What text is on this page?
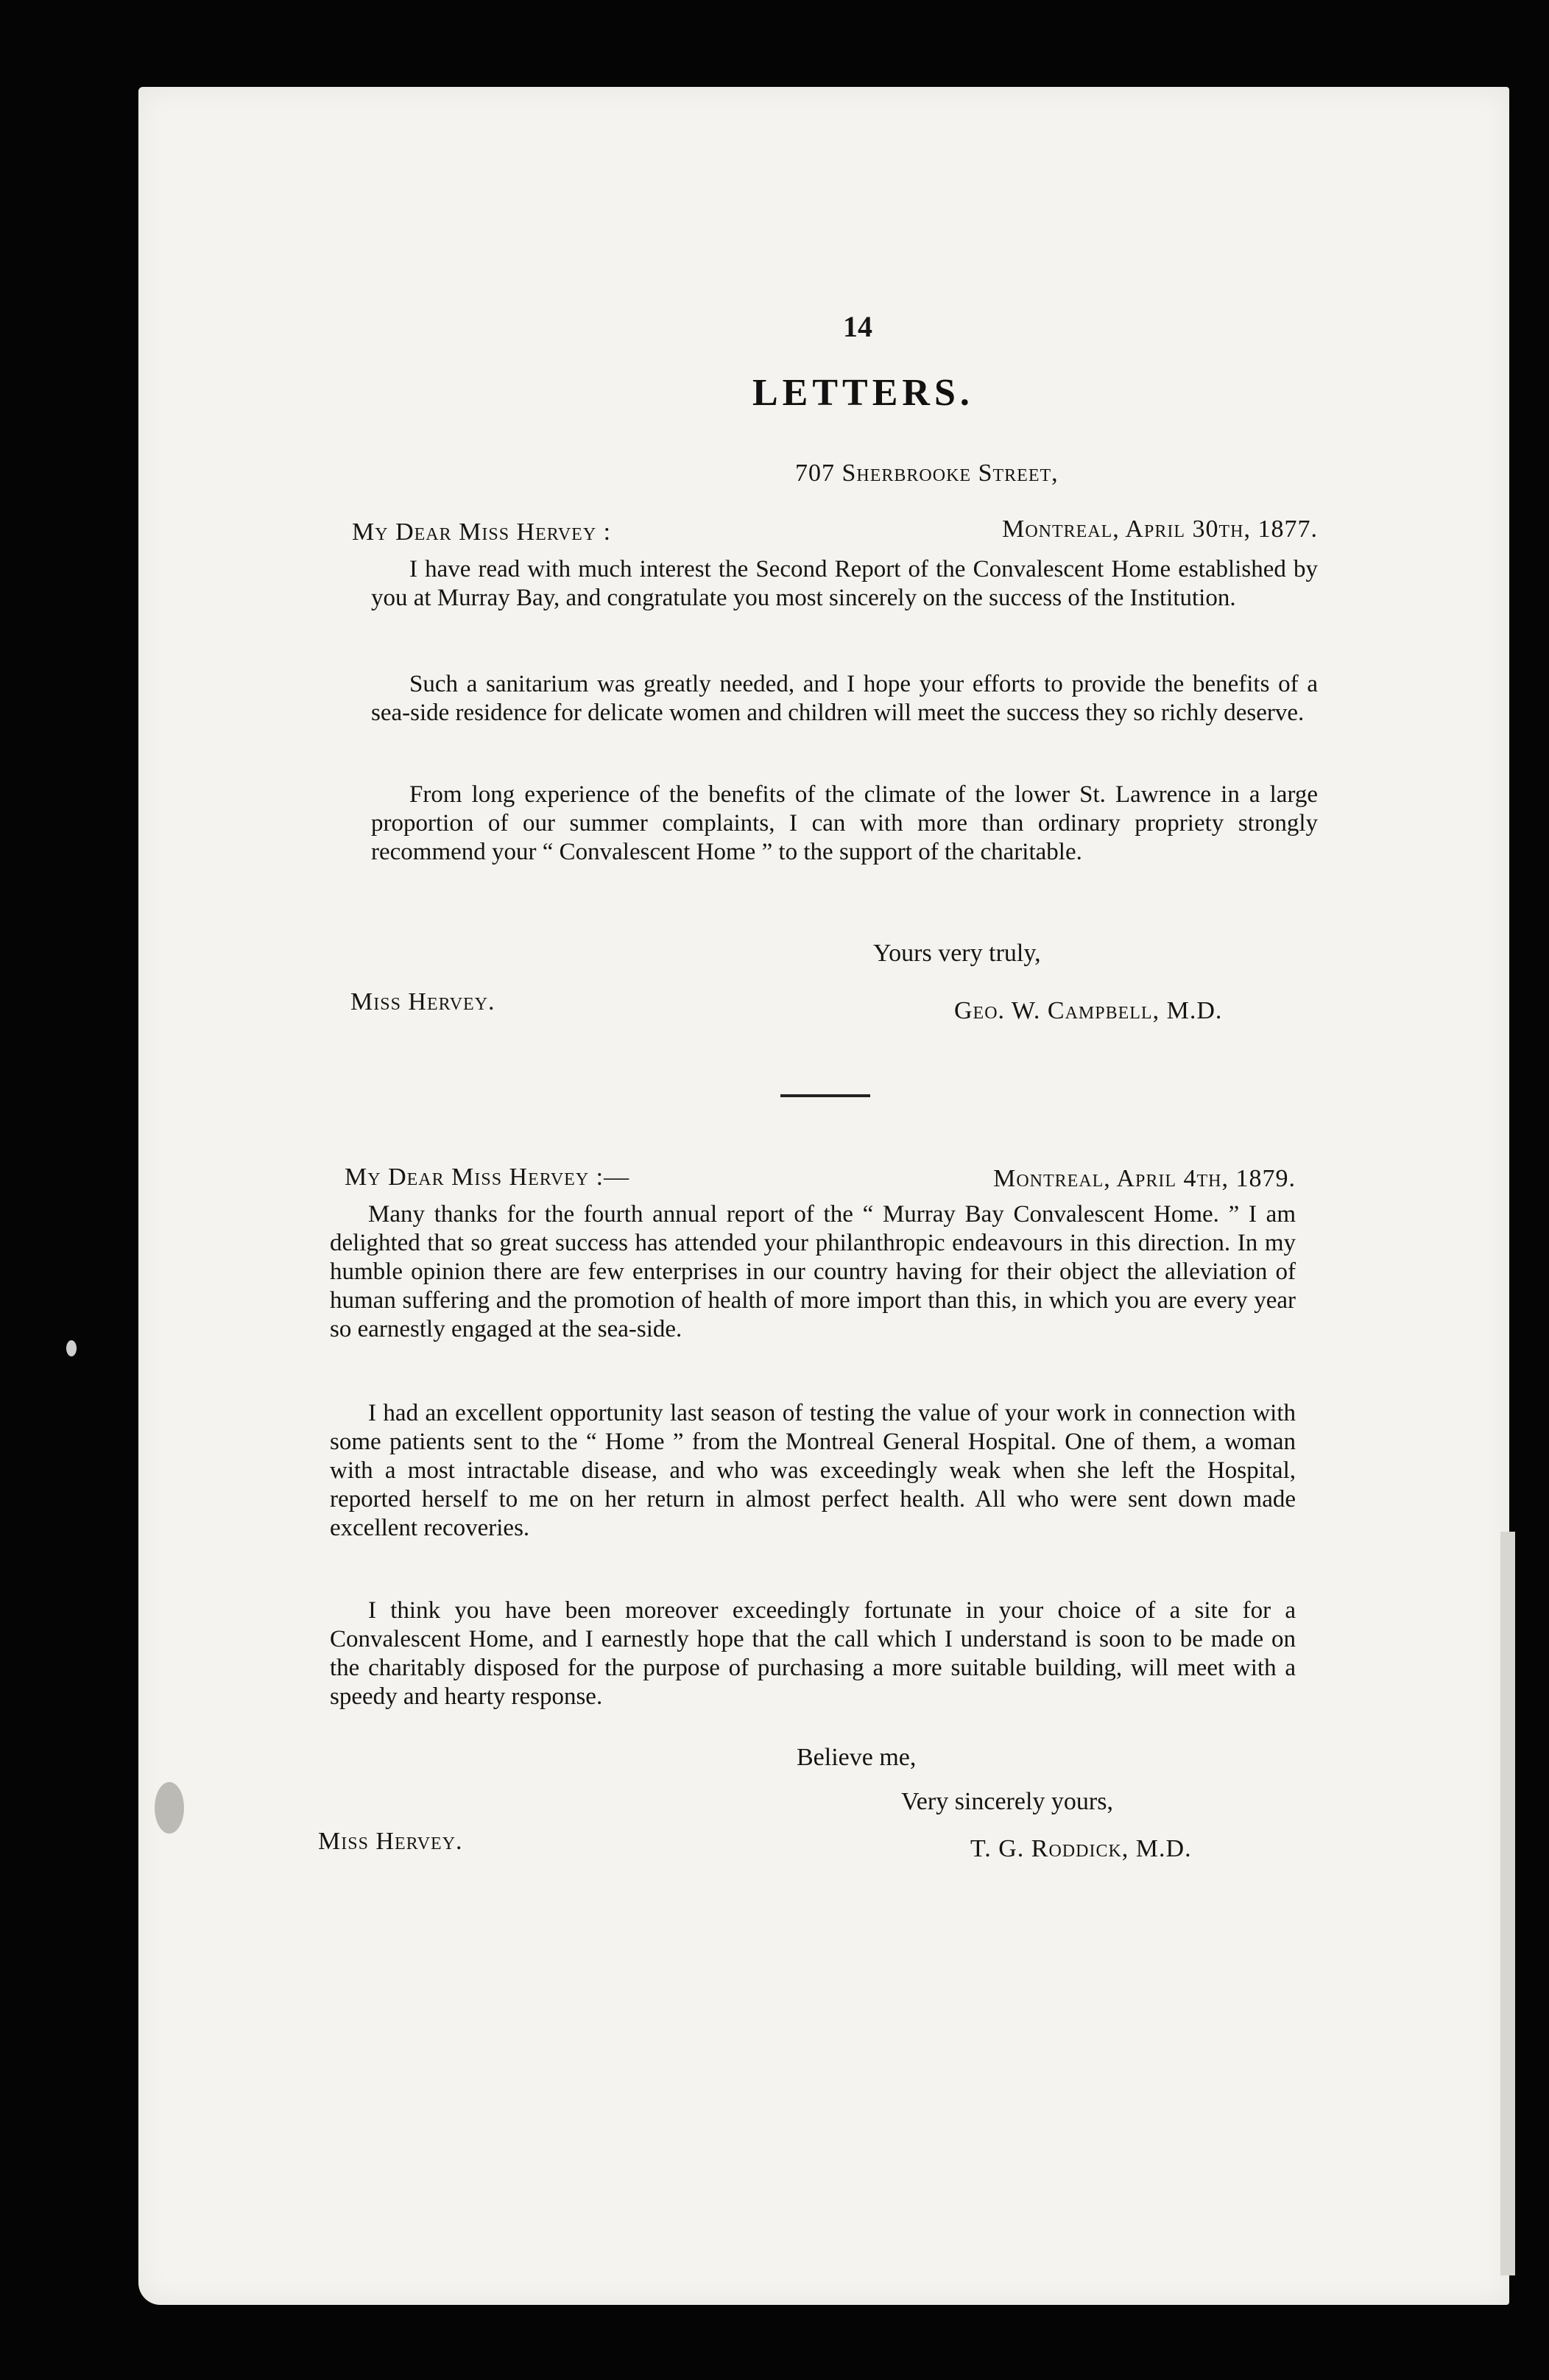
14
LETTERS.
707 Sherbrooke Street,
My Dear Miss Hervey :	Montreal, April 30th, 1877.

I have read with much interest the Second Report of the Convalescent Home established by you at Murray Bay, and congratulate you most sincerely on the success of the Institution.

Such a sanitarium was greatly needed, and I hope your efforts to provide the benefits of a sea-side residence for delicate women and children will meet the success they so richly deserve.

From long experience of the benefits of the climate of the lower St. Lawrence in a large proportion of our summer complaints, I can with more than ordinary propriety strongly recommend your “ Convalescent Home ” to the support of the charitable.

Yours very truly,
Miss Hervey.	Geo. W. Campbell, M.D.
My Dear Miss Hervey :—	Montreal, April 4th, 1879.

Many thanks for the fourth annual report of the “ Murray Bay Convalescent Home. ” I am delighted that so great success has attended your philanthropic endeavours in this direction. In my humble opinion there are few enterprises in our country having for their object the alleviation of human suffering and the promotion of health of more import than this, in which you are every year so earnestly engaged at the sea-side.

I had an excellent opportunity last season of testing the value of your work in connection with some patients sent to the “ Home ” from the Montreal General Hospital. One of them, a woman with a most intractable disease, and who was exceedingly weak when she left the Hospital, reported herself to me on her return in almost perfect health. All who were sent down made excellent recoveries.

I think you have been moreover exceedingly fortunate in your choice of a site for a Convalescent Home, and I earnestly hope that the call which I understand is soon to be made on the charitably disposed for the purpose of purchasing a more suitable building, will meet with a speedy and hearty response.

Believe me,
Very sincerely yours,
Miss Hervey.	T. G. Roddick, M.D.
